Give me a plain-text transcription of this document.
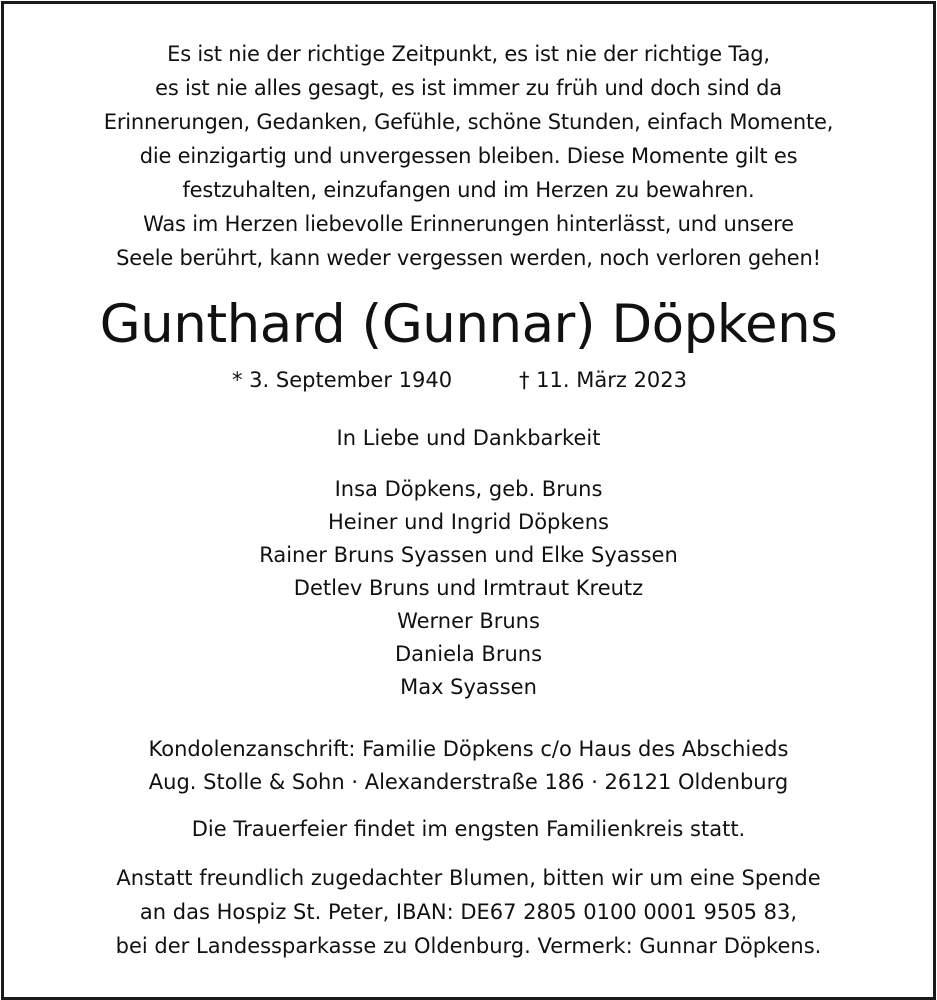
Es ist nie der richtige Zeitpunkt, es ist nie der richtige Tag,
es ist nie alles gesagt, es ist immer zu früh und doch sind da
Erinnerungen, Gedanken, Gefühle, schöne Stunden, einfach Momente,
die einzigartig und unvergessen bleiben. Diese Momente gilt es
festzuhalten, einzufangen und im Herzen zu bewahren.
Was im Herzen liebevolle Erinnerungen hinterlässt, und unsere
Seele berührt, kann weder vergessen werden, noch verloren gehen!
Gunthard (Gunnar) Döpkens
* 3. September 1940	† 11. März 2023
In Liebe und Dankbarkeit
Insa Döpkens, geb. Bruns
Heiner und Ingrid Döpkens
Rainer Bruns Syassen und Elke Syassen
Detlev Bruns und Irmtraut Kreutz
Werner Bruns
Daniela Bruns
Max Syassen
Kondolenzanschrift: Familie Döpkens c/o Haus des Abschieds
Aug. Stolle & Sohn · Alexanderstraße 186 · 26121 Oldenburg
Die Trauerfeier findet im engsten Familienkreis statt.
Anstatt freundlich zugedachter Blumen, bitten wir um eine Spende
an das Hospiz St. Peter, IBAN: DE67 2805 0100 0001 9505 83,
bei der Landessparkasse zu Oldenburg. Vermerk: Gunnar Döpkens.
